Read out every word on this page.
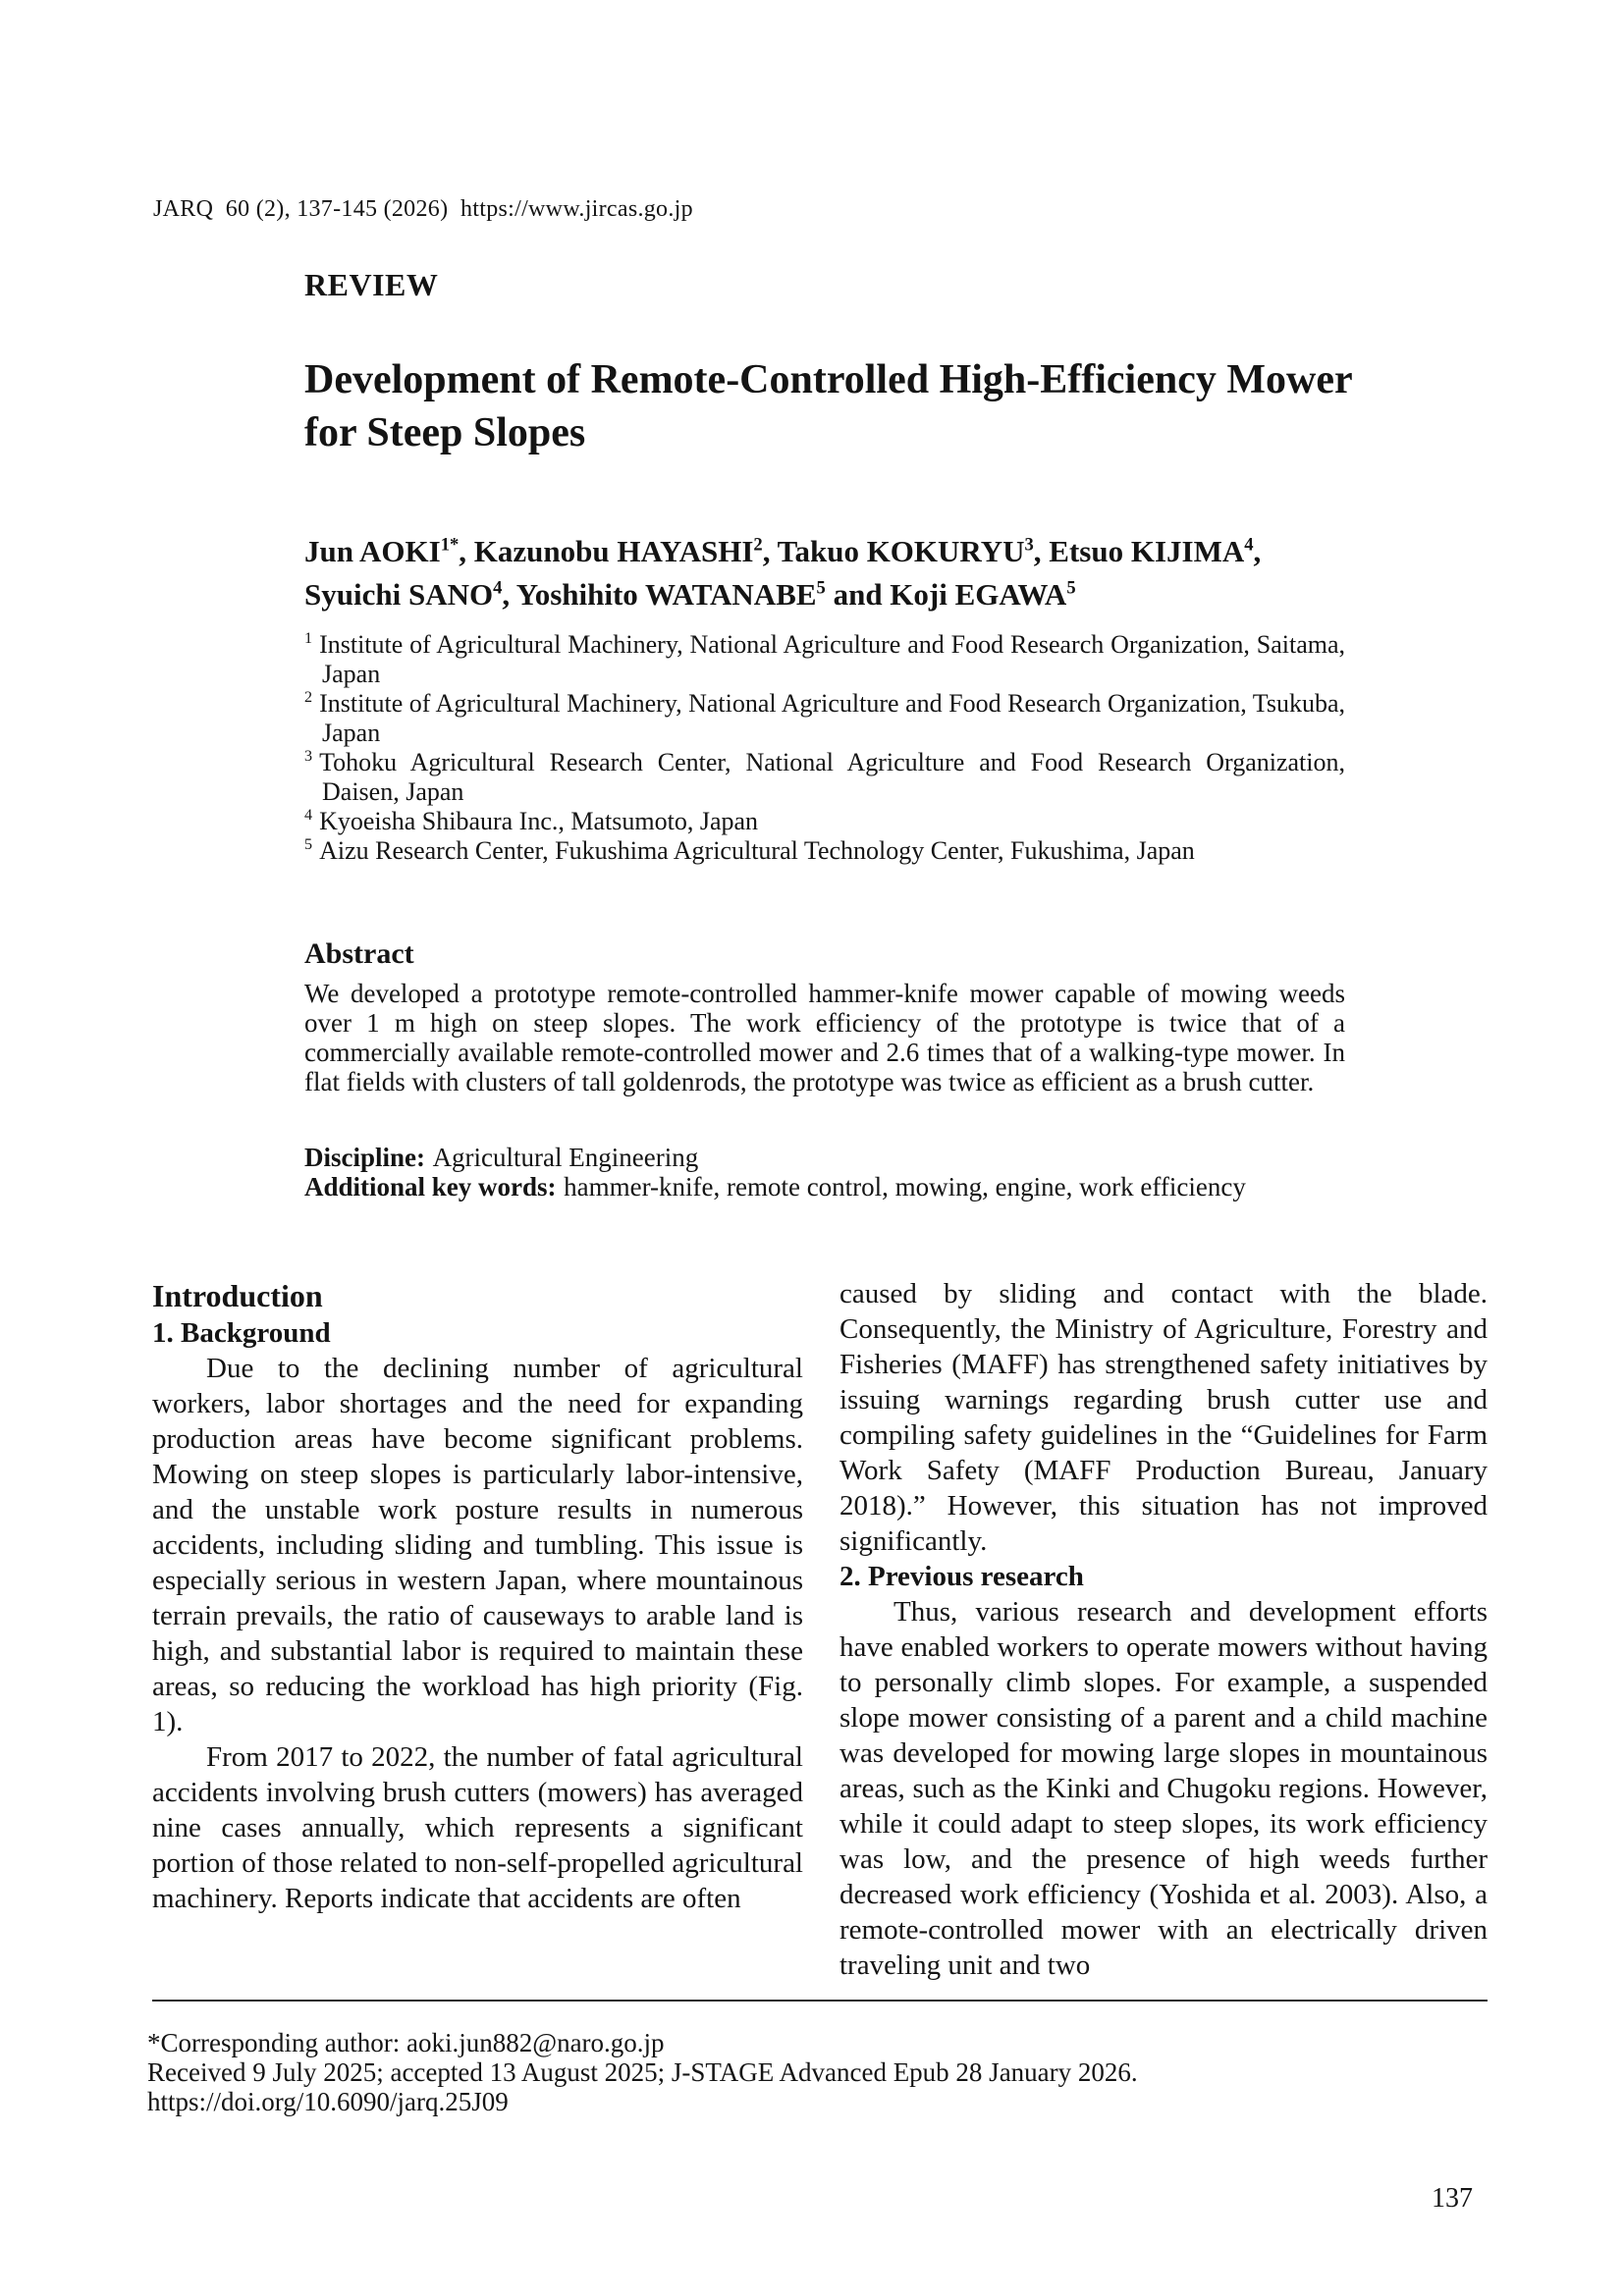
JARQ  60 (2), 137-145 (2026)  https://www.jircas.go.jp
REVIEW
Development of Remote-Controlled High-Efficiency Mower
for Steep Slopes
Jun $AOKI^{1*}$, Kazunobu HAYASHI$^2$, Takuo KOKURYU$^3$, Etsuo KIJIMA$^4$,
Syuichi SANO$^4$, Yoshihito WATANABE$^5$ and Koji EGAWA$^5$
$^1$ Institute of Agricultural Machinery, National Agriculture and Food Research Organization, Saitama, Japan
$^2$ Institute of Agricultural Machinery, National Agriculture and Food Research Organization, Tsukuba, Japan
$^3$ Tohoku Agricultural Research Center, National Agriculture and Food Research Organization, Daisen, Japan
$^4$ Kyoeisha Shibaura Inc., Matsumoto, Japan
$^5$ Aizu Research Center, Fukushima Agricultural Technology Center, Fukushima, Japan
Abstract
We developed a prototype remote-controlled hammer-knife mower capable of mowing weeds over 1 m high on steep slopes. The work efficiency of the prototype is twice that of a commercially available remote-controlled mower and 2.6 times that of a walking-type mower. In flat fields with clusters of tall goldenrods, the prototype was twice as efficient as a brush cutter.
Discipline: Agricultural Engineering
Additional key words: hammer-knife, remote control, mowing, engine, work efficiency
Introduction
1. Background

Due to the declining number of agricultural workers, labor shortages and the need for expanding production areas have become significant problems. Mowing on steep slopes is particularly labor-intensive, and the unstable work posture results in numerous accidents, including sliding and tumbling. This issue is especially serious in western Japan, where mountainous terrain prevails, the ratio of causeways to arable land is high, and substantial labor is required to maintain these areas, so reducing the workload has high priority (Fig. 1).

From 2017 to 2022, the number of fatal agricultural accidents involving brush cutters (mowers) has averaged nine cases annually, which represents a significant portion of those related to non-self-propelled agricultural machinery. Reports indicate that accidents are often

caused by sliding and contact with the blade. Consequently, the Ministry of Agriculture, Forestry and Fisheries (MAFF) has strengthened safety initiatives by issuing warnings regarding brush cutter use and compiling safety guidelines in the “Guidelines for Farm Work Safety (MAFF Production Bureau, January 2018).” However, this situation has not improved significantly.

2. Previous research

Thus, various research and development efforts have enabled workers to operate mowers without having to personally climb slopes. For example, a suspended slope mower consisting of a parent and a child machine was developed for mowing large slopes in mountainous areas, such as the Kinki and Chugoku regions. However, while it could adapt to steep slopes, its work efficiency was low, and the presence of high weeds further decreased work efficiency (Yoshida et al. 2003). Also, a remote-controlled mower with an electrically driven traveling unit and two

*Corresponding author: aoki.jun882@naro.go.jp
Received 9 July 2025; accepted 13 August 2025; J-STAGE Advanced Epub 28 January 2026.
https://doi.org/10.6090/jarq.25J09
137
